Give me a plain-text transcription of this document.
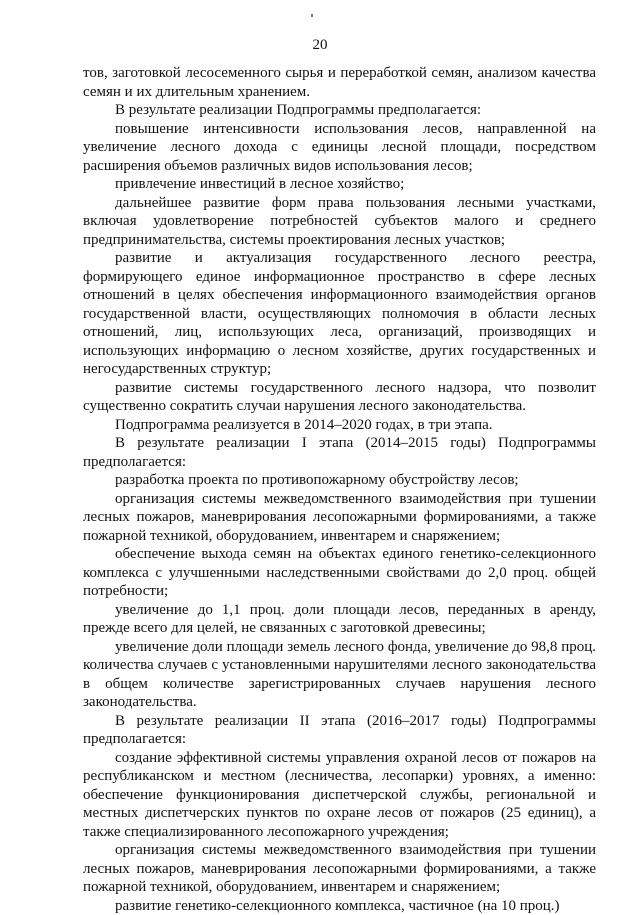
20

тов, заготовкой лесосеменного сырья и переработкой семян, анализом качества семян и их длительным хранением.

В результате реализации Подпрограммы предполагается:

повышение интенсивности использования лесов, направленной на увеличение лесного дохода с единицы лесной площади, посредством расширения объемов различных видов использования лесов;

привлечение инвестиций в лесное хозяйство;

дальнейшее развитие форм права пользования лесными участками, включая удовлетворение потребностей субъектов малого и среднего предпринимательства, системы проектирования лесных участков;

развитие и актуализация государственного лесного реестра, формирующего единое информационное пространство в сфере лесных отношений в целях обеспечения информационного взаимодействия органов государственной власти, осуществляющих полномочия в области лесных отношений, лиц, использующих леса, организаций, производящих и использующих информацию о лесном хозяйстве, других государственных и негосударственных структур;

развитие системы государственного лесного надзора, что позволит существенно сократить случаи нарушения лесного законодательства.

Подпрограмма реализуется в 2014–2020 годах, в три этапа.

В результате реализации I этапа (2014–2015 годы) Подпрограммы предполагается:

разработка проекта по противопожарному обустройству лесов;

организация системы межведомственного взаимодействия при тушении лесных пожаров, маневрирования лесопожарными формированиями, а также пожарной техникой, оборудованием, инвентарем и снаряжением;

обеспечение выхода семян на объектах единого генетико-селекционного комплекса с улучшенными наследственными свойствами до 2,0 проц. общей потребности;

увеличение до 1,1 проц. доли площади лесов, переданных в аренду, прежде всего для целей, не связанных с заготовкой древесины;

увеличение доли площади земель лесного фонда, увеличение до 98,8 проц. количества случаев с установленными нарушителями лесного законодательства в общем количестве зарегистрированных случаев нарушения лесного законодательства.

В результате реализации II этапа (2016–2017 годы) Подпрограммы предполагается:

создание эффективной системы управления охраной лесов от пожаров на республиканском и местном (лесничества, лесопарки) уровнях, а именно: обеспечение функционирования диспетчерской службы, региональной и местных диспетчерских пунктов по охране лесов от пожаров (25 единиц), а также специализированного лесопожарного учреждения;

организация системы межведомственного взаимодействия при тушении лесных пожаров, маневрирования лесопожарными формированиями, а также пожарной техникой, оборудованием, инвентарем и снаряжением;

развитие генетико-селекционного комплекса, частичное (на 10 проц.)
